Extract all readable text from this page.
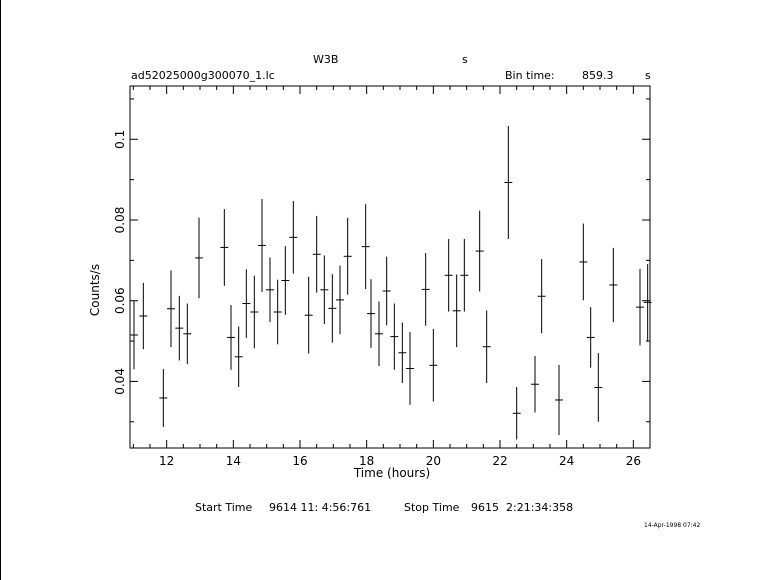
12	14	16	18	20	22	24	26
0.04
0.06
0.08
0.1
Time (hours)
Counts/s
W3B	s
ad52025000g300070_1.lc	Bin time: 859.3	s
Start Time 9614 11: 4:56:761	Stop Time 9615  2:21:34:358
14-Apr-1998 07:42
